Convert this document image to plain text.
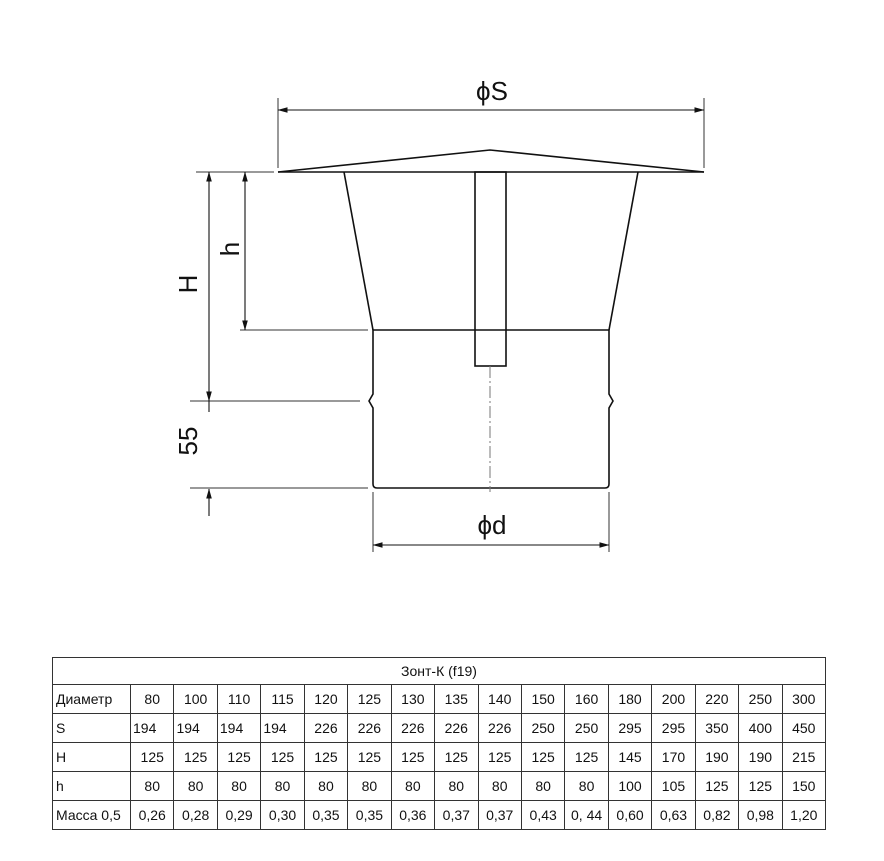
ϕS
ϕd
H
h
55
Зонт-К (f19)																
Диаметр	80	100	110	115	120	125	130	135	140	150	160	180	200	220	250	300
S	194	194	194	194	226	226	226	226	226	250	250	295	295	350	400	450
H	125	125	125	125	125	125	125	125	125	125	125	145	170	190	190	215
h	80	80	80	80	80	80	80	80	80	80	80	100	105	125	125	150
Масса 0,5	0,26	0,28	0,29	0,30	0,35	0,35	0,36	0,37	0,37	0,43	0, 44	0,60	0,63	0,82	0,98	1,20
